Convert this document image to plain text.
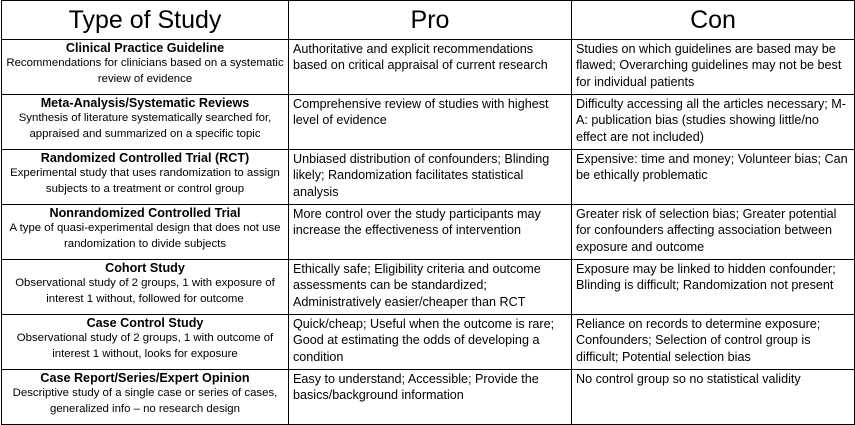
Type of Study	Pro	Con

Clinical Practice Guideline
Recommendations for clinicians based on a systematic review of evidence	Authoritative and explicit recommendations based on critical appraisal of current research	Studies on which guidelines are based may be flawed; Overarching guidelines may not be best for individual patients

Meta-Analysis/Systematic Reviews
Synthesis of literature systematically searched for, appraised and summarized on a specific topic	Comprehensive review of studies with highest level of evidence	Difficulty accessing all the articles necessary; M-A: publication bias (studies showing little/no effect are not included)

Randomized Controlled Trial (RCT)
Experimental study that uses randomization to assign subjects to a treatment or control group	Unbiased distribution of confounders; Blinding likely; Randomization facilitates statistical analysis	Expensive: time and money; Volunteer bias; Can be ethically problematic

Nonrandomized Controlled Trial
A type of quasi-experimental design that does not use randomization to divide subjects	More control over the study participants may increase the effectiveness of intervention	Greater risk of selection bias; Greater potential for confounders affecting association between exposure and outcome

Cohort Study
Observational study of 2 groups, 1 with exposure of interest 1 without, followed for outcome	Ethically safe; Eligibility criteria and outcome assessments can be standardized; Administratively easier/cheaper than RCT	Exposure may be linked to hidden confounder; Blinding is difficult; Randomization not present

Case Control Study
Observational study of 2 groups, 1 with outcome of interest 1 without, looks for exposure	Quick/cheap; Useful when the outcome is rare; Good at estimating the odds of developing a condition	Reliance on records to determine exposure; Confounders; Selection of control group is difficult; Potential selection bias

Case Report/Series/Expert Opinion
Descriptive study of a single case or series of cases, generalized info – no research design	Easy to understand; Accessible; Provide the basics/background information	No control group so no statistical validity
